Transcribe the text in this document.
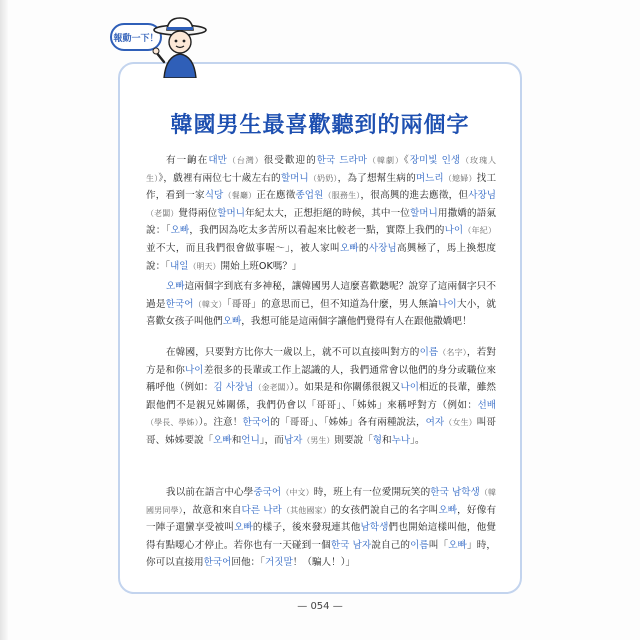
報動一下！
韓國男生最喜歡聽到的兩個字

有一齣在대만（台灣）很受歡迎的한국 드라마（韓劇）《장미빛 인생（玫瑰人生）》，戲裡有兩位七十歲左右的할머니（奶奶），為了想幫生病的며느리（媳婦）找工作，看到一家식당（餐廳）正在應徵종업원（服務生），很高興的進去應徵，但사장님（老闆）覺得兩位할머니年紀太大，正想拒絕的時候，其中一位할머니用撒嬌的語氣說：「오빠，我們因為吃太多苦所以看起來比較老一點，實際上我們的나이（年紀）並不大，而且我們很會做事喔～」，被人家叫오빠的사장님高興極了，馬上換想度說：「내일（明天）開始上班OK嗎？」

오빠這兩個字到底有多神秘，讓韓國男人這麼喜歡聽呢？說穿了這兩個字只不過是한국어（韓文）「哥哥」的意思而已，但不知道為什麼，男人無論나이大小，就喜歡女孩子叫他們오빠，我想可能是這兩個字讓他們覺得有人在跟他撒嬌吧！

在韓國，只要對方比你大一歲以上，就不可以直接叫對方的이름（名字），若對方是和你나이差很多的長輩或工作上認識的人，我們通常會以他們的身分或職位來稱呼他（例如：김 사장님（金老闆））。如果是和你關係很親又나이相近的長輩，雖然跟他們不是親兄姊關係，我們仍會以「哥哥」、「姊姊」來稱呼對方（例如：선배（學長、學姊））。注意！한국어的「哥哥」、「姊姊」各有兩種說法，여자（女生）叫哥哥、姊姊要說「오빠和언니」，而남자（男生）則要說「형和누나」。

我以前在語言中心學중국어（中文）時，班上有一位愛開玩笑的한국 남학생（韓國男同學），故意和來自다른 나라（其他國家）的女孩們說自己的名字叫오빠，好像有一陣子還蠻享受被叫오빠的樣子，後來發現連其他남학생們也開始這樣叫他，他覺得有點噁心才停止。若你也有一天碰到一個한국 남자說自己的이름叫「오빠」時，你可以直接用한국어回他：「거짓말！（騙人！）」

— 054 —
